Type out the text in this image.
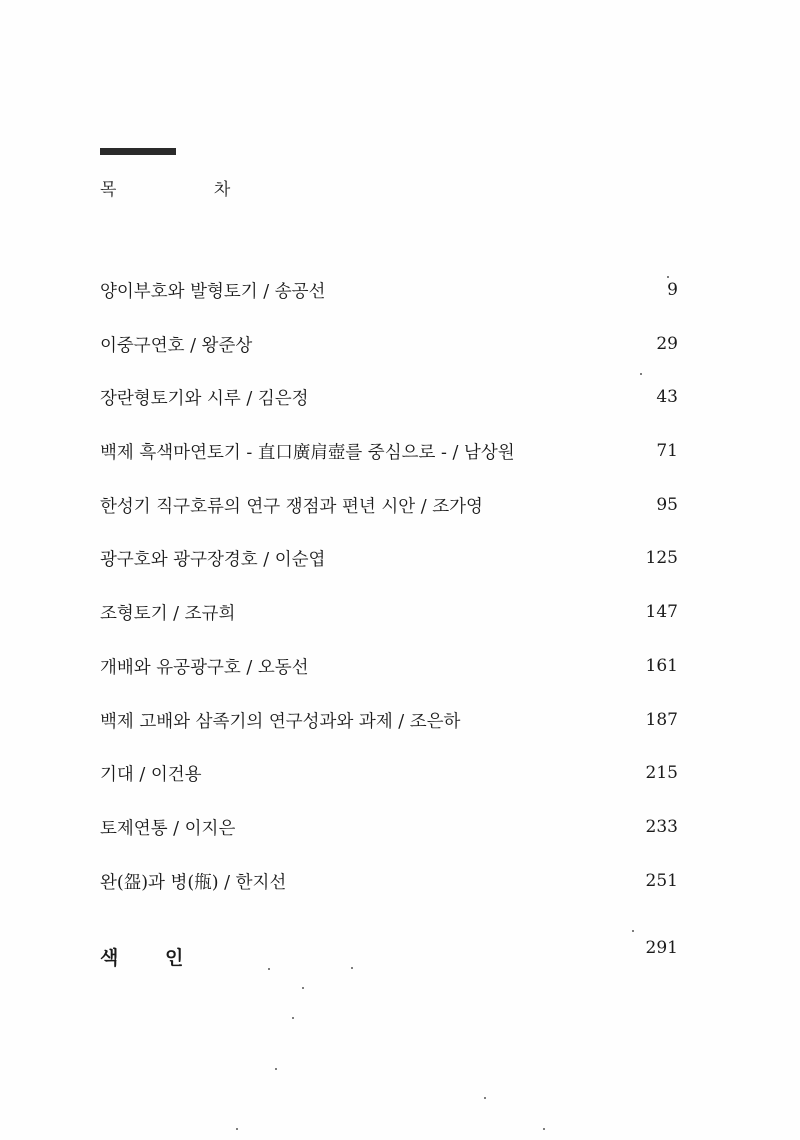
목 차
양이부호와 발형토기 / 송공선	9
이중구연호 / 왕준상	29
장란형토기와 시루 / 김은정	43
백제 흑색마연토기 - 直口廣肩壺를 중심으로 - / 남상원	71
한성기 직구호류의 연구 쟁점과 편년 시안 / 조가영	95
광구호와 광구장경호 / 이순엽	125
조형토기 / 조규희	147
개배와 유공광구호 / 오동선	161
백제 고배와 삼족기의 연구성과와 과제 / 조은하	187
기대 / 이건용	215
토제연통 / 이지은	233
완(盌)과 병(甁) / 한지선	251
색 인	291
